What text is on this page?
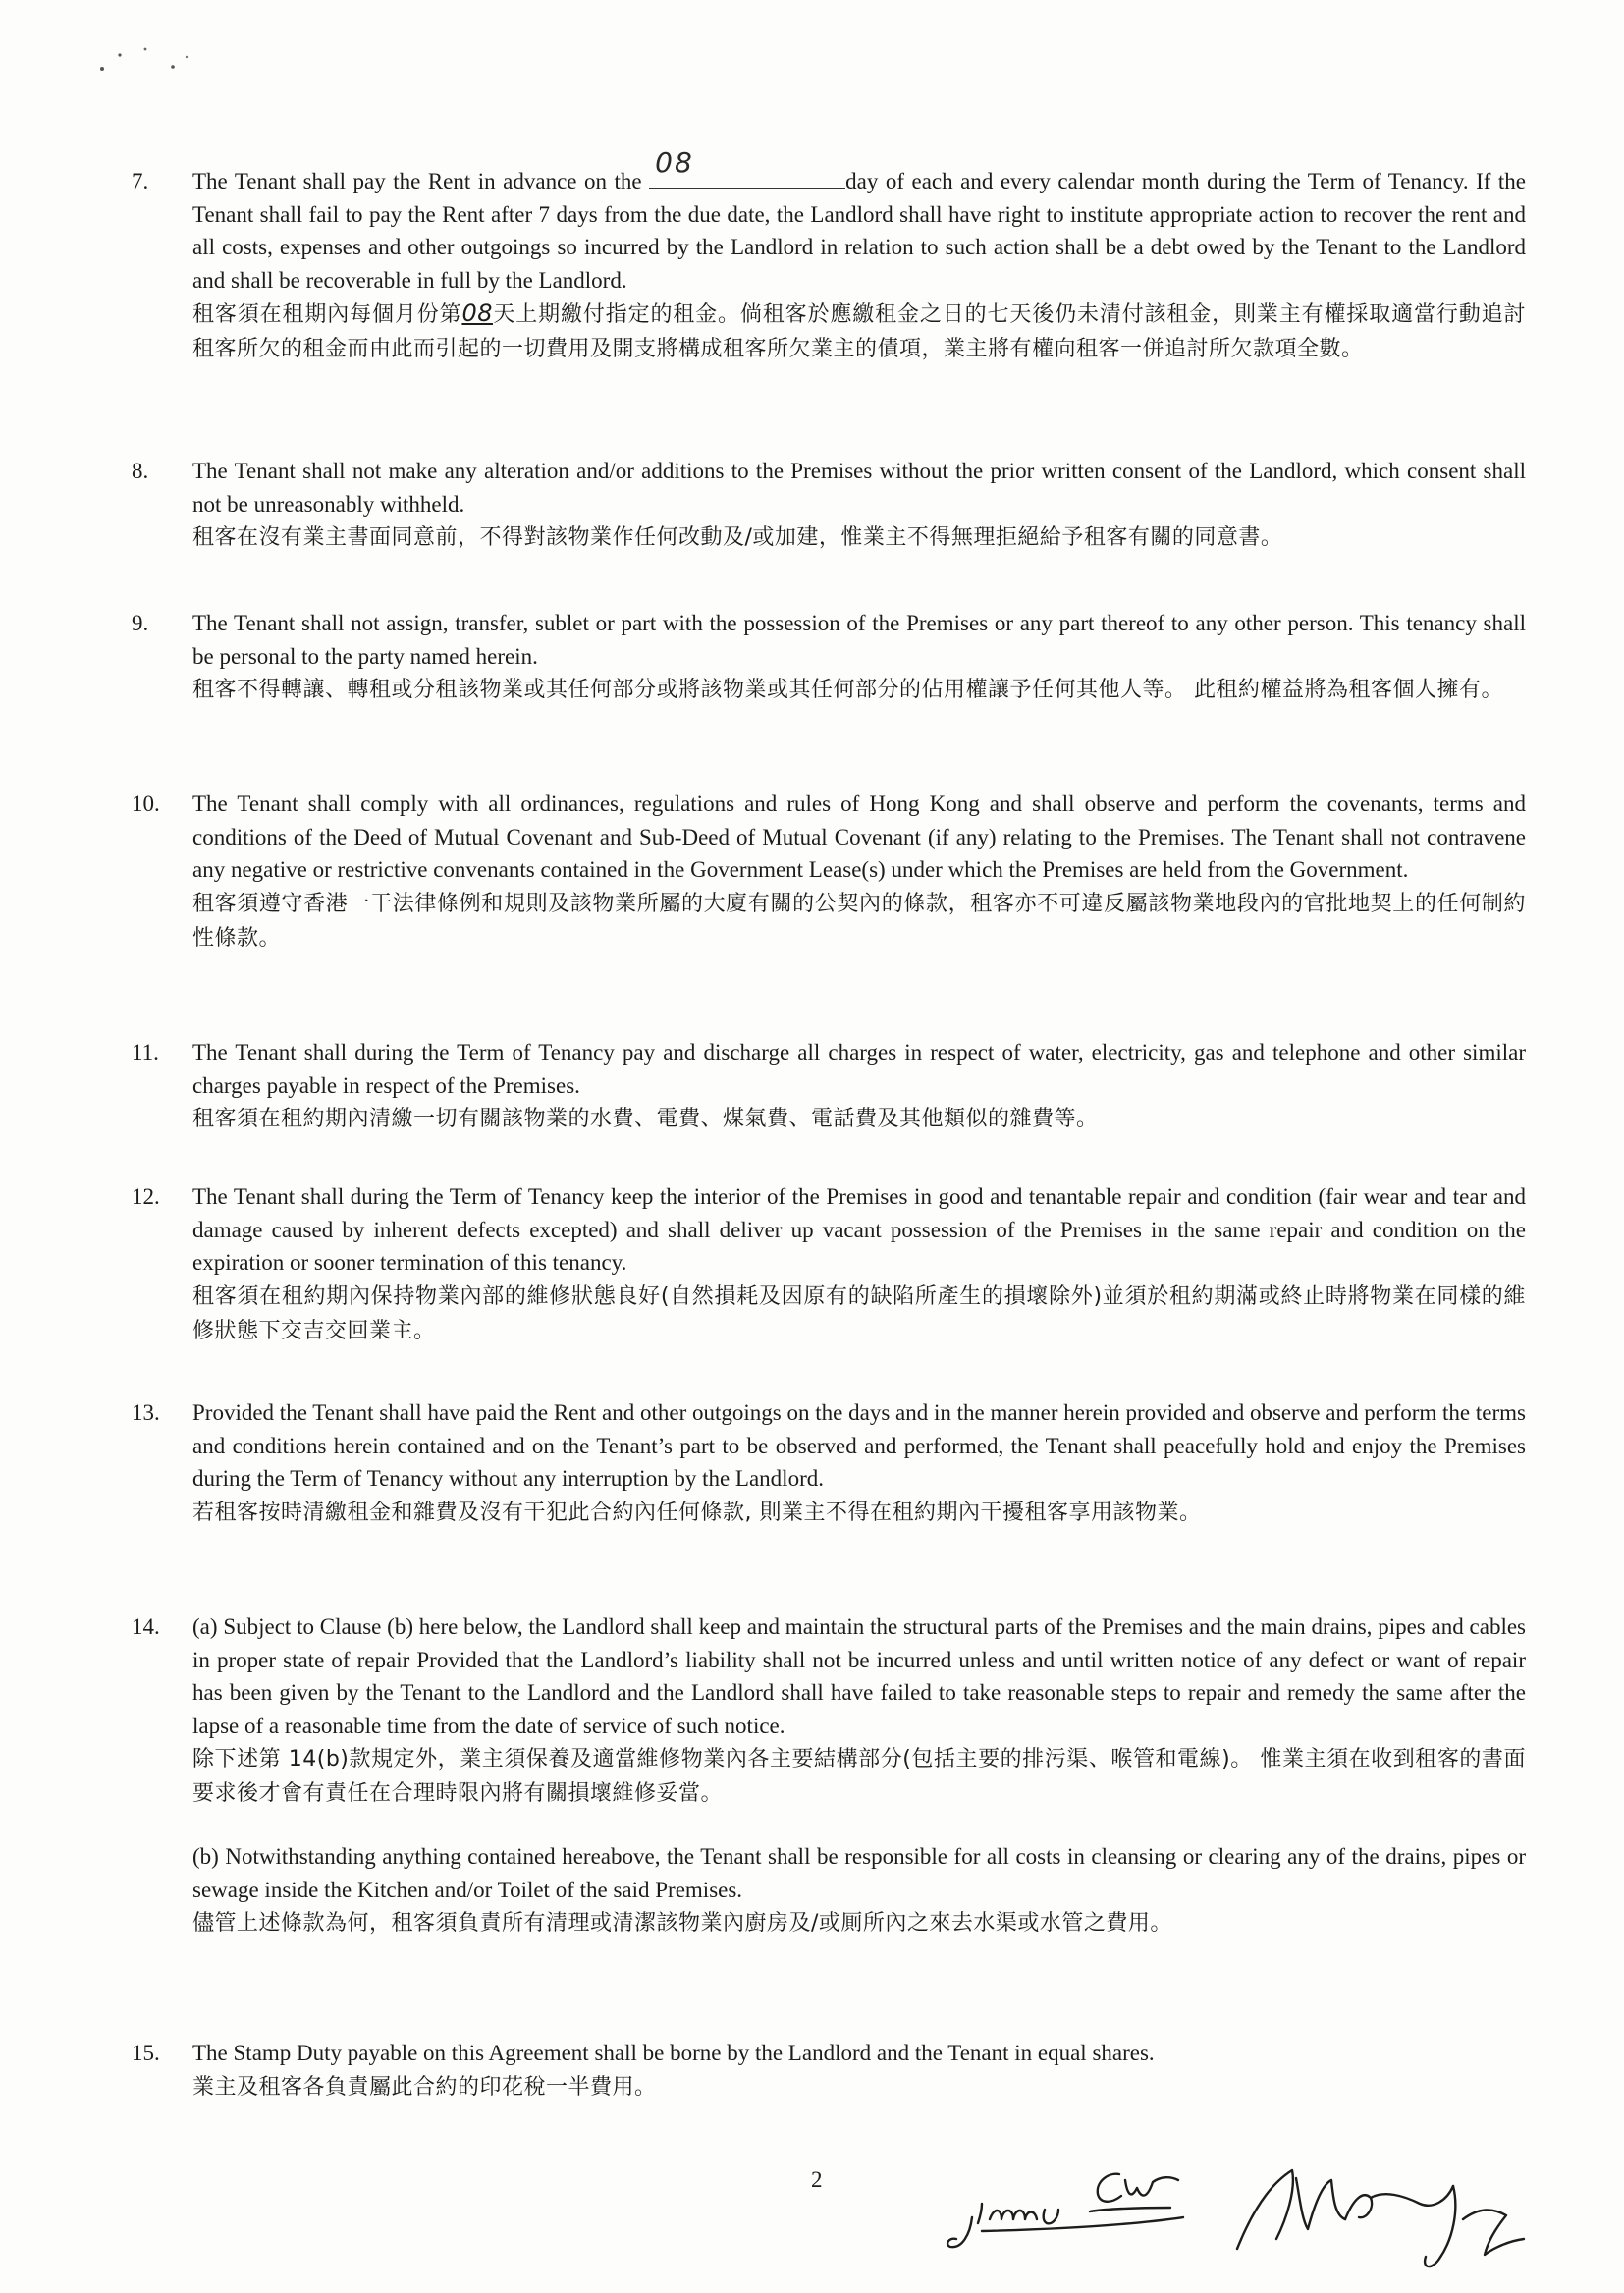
7.	The Tenant shall pay the Rent in advance on the
08
day of each and every calendar month during the Term of Tenancy. If the Tenant shall fail to pay the Rent after 7 days from the due date, the Landlord shall have right to institute appropriate action to recover the rent and all costs, expenses and other outgoings so incurred by the Landlord in relation to such action shall be a debt owed by the Tenant to the Landlord and shall be recoverable in full by the Landlord.
租客須在租期內每個月份第08天上期繳付指定的租金。倘租客於應繳租金之日的七天後仍未清付該租金，則業主有權採取適當行動追討租客所欠的租金而由此而引起的一切費用及開支將構成租客所欠業主的債項，業主將有權向租客一併追討所欠款項全數。
8.	The Tenant shall not make any alteration and/or additions to the Premises without the prior written consent of the Landlord, which consent shall not be unreasonably withheld.
租客在沒有業主書面同意前，不得對該物業作任何改動及/或加建，惟業主不得無理拒絕給予租客有關的同意書。
9.	The Tenant shall not assign, transfer, sublet or part with the possession of the Premises or any part thereof to any other person. This tenancy shall be personal to the party named herein.
租客不得轉讓、轉租或分租該物業或其任何部分或將該物業或其任何部分的佔用權讓予任何其他人等。 此租約權益將為租客個人擁有。
10.	The Tenant shall comply with all ordinances, regulations and rules of Hong Kong and shall observe and perform the covenants, terms and conditions of the Deed of Mutual Covenant and Sub-Deed of Mutual Covenant (if any) relating to the Premises. The Tenant shall not contravene any negative or restrictive convenants contained in the Government Lease(s) under which the Premises are held from the Government.
租客須遵守香港一干法律條例和規則及該物業所屬的大廈有關的公契內的條款，租客亦不可違反屬該物業地段內的官批地契上的任何制約性條款。
11.	The Tenant shall during the Term of Tenancy pay and discharge all charges in respect of water, electricity, gas and telephone and other similar charges payable in respect of the Premises.
租客須在租約期內清繳一切有關該物業的水費、電費、煤氣費、電話費及其他類似的雜費等。
12.	The Tenant shall during the Term of Tenancy keep the interior of the Premises in good and tenantable repair and condition (fair wear and tear and damage caused by inherent defects excepted) and shall deliver up vacant possession of the Premises in the same repair and condition on the expiration or sooner termination of this tenancy.
租客須在租約期內保持物業內部的維修狀態良好(自然損耗及因原有的缺陷所產生的損壞除外)並須於租約期滿或終止時將物業在同樣的維修狀態下交吉交回業主。
13.	Provided the Tenant shall have paid the Rent and other outgoings on the days and in the manner herein provided and observe and perform the terms and conditions herein contained and on the Tenant’s part to be observed and performed, the Tenant shall peacefully hold and enjoy the Premises during the Term of Tenancy without any interruption by the Landlord.
若租客按時清繳租金和雜費及沒有干犯此合約內任何條款, 則業主不得在租約期內干擾租客享用該物業。
14.	(a) Subject to Clause (b) here below, the Landlord shall keep and maintain the structural parts of the Premises and the main drains, pipes and cables in proper state of repair Provided that the Landlord’s liability shall not be incurred unless and until written notice of any defect or want of repair has been given by the Tenant to the Landlord and the Landlord shall have failed to take reasonable steps to repair and remedy the same after the lapse of a reasonable time from the date of service of such notice.
除下述第 14(b)款規定外，業主須保養及適當維修物業內各主要結構部分(包括主要的排污渠、喉管和電線)。 惟業主須在收到租客的書面要求後才會有責任在合理時限內將有關損壞維修妥當。
(b) Notwithstanding anything contained hereabove, the Tenant shall be responsible for all costs in cleansing or clearing any of the drains, pipes or sewage inside the Kitchen and/or Toilet of the said Premises.
儘管上述條款為何，租客須負責所有清理或清潔該物業內廚房及/或厠所內之來去水渠或水管之費用。
15.	The Stamp Duty payable on this Agreement shall be borne by the Landlord and the Tenant in equal shares.
業主及租客各負責屬此合約的印花稅一半費用。
2
